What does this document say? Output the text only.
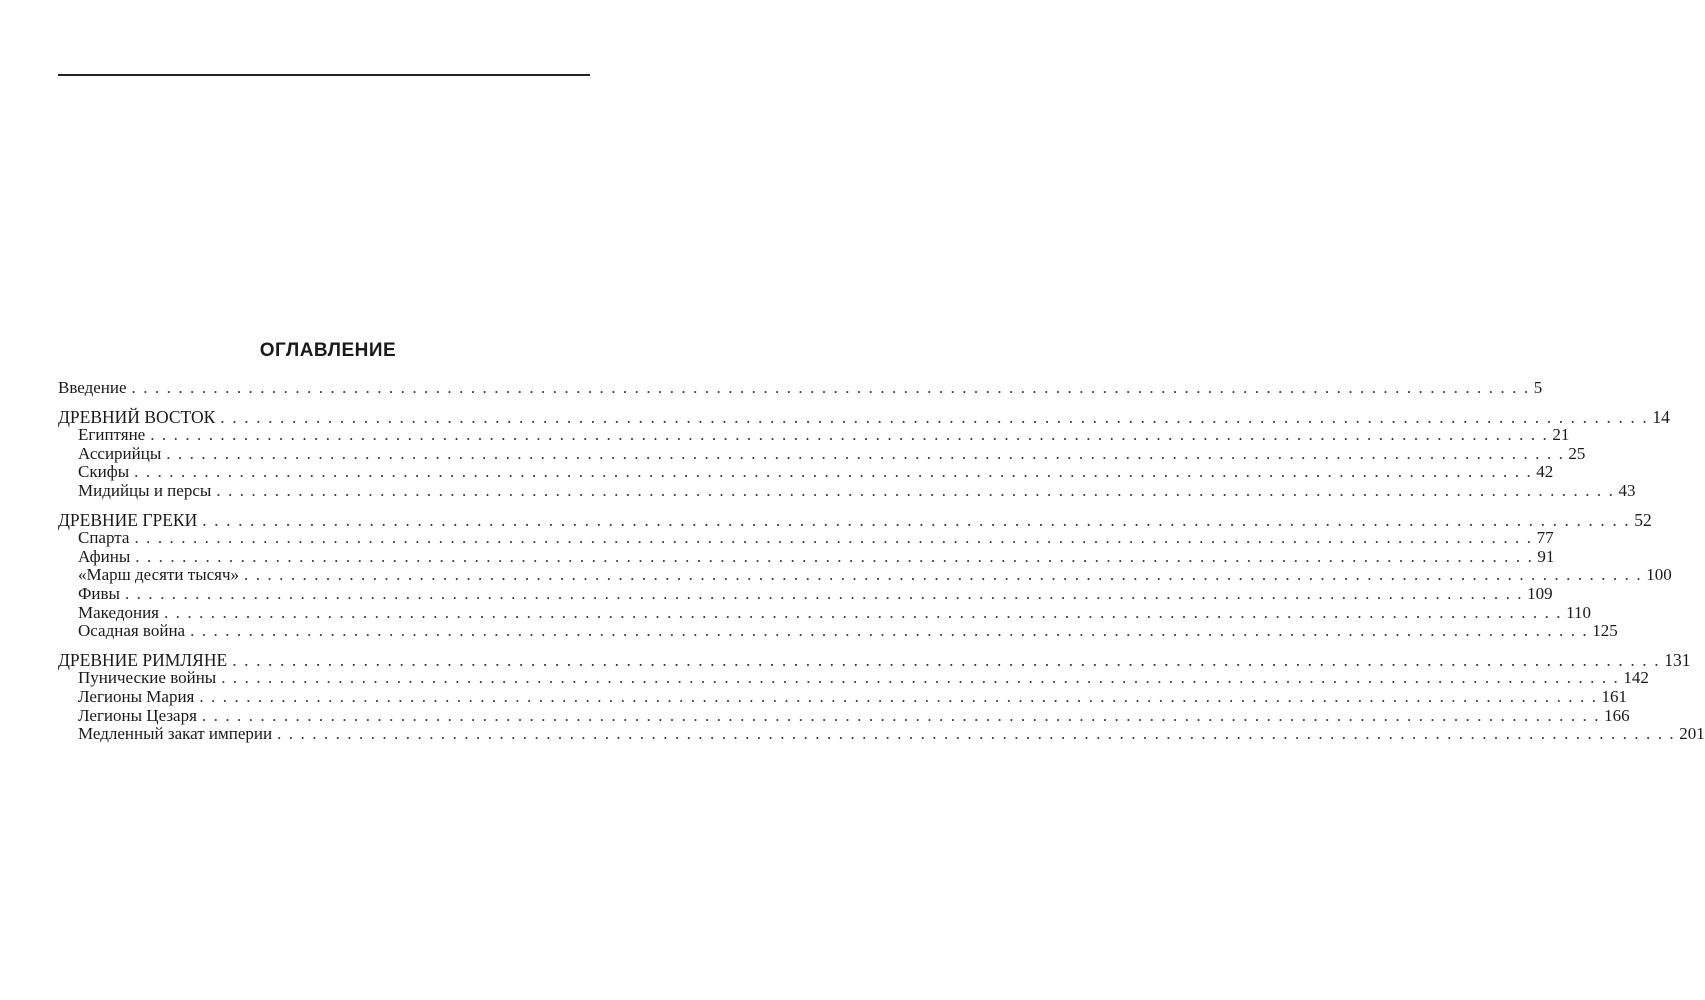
ОГЛАВЛЕНИЕ
Введение . . . . . . . . . . . . . . . . . . . . . . . . . . . . . . . . . . . . . . . . . . . . . . . . . . . . . . . . . . . . . . . . . . . . . . . . . . . . . . . . . . . . . . . . . . . . . . . . . . . . . . . . . . . . . . . . . . . . . . . . 5
ДРЕВНИЙ ВОСТОК . . . . . . . . . . . . . . . . . . . . . . . . . . . . . . . . . . . . . . . . . . . . . . . . . . . . . . . . . . . . . . . . . . . . . . . . . . . . . . . . . . . . . . . . . . . . . . . . . . . . . . . . . . . . . . . . . . . . . . . . 14
Египтяне . . . . . . . . . . . . . . . . . . . . . . . . . . . . . . . . . . . . . . . . . . . . . . . . . . . . . . . . . . . . . . . . . . . . . . . . . . . . . . . . . . . . . . . . . . . . . . . . . . . . . . . . . . . . . . . . . . . . . . . . 21
Ассирийцы . . . . . . . . . . . . . . . . . . . . . . . . . . . . . . . . . . . . . . . . . . . . . . . . . . . . . . . . . . . . . . . . . . . . . . . . . . . . . . . . . . . . . . . . . . . . . . . . . . . . . . . . . . . . . . . . . . . . . . . . 25
Скифы . . . . . . . . . . . . . . . . . . . . . . . . . . . . . . . . . . . . . . . . . . . . . . . . . . . . . . . . . . . . . . . . . . . . . . . . . . . . . . . . . . . . . . . . . . . . . . . . . . . . . . . . . . . . . . . . . . . . . . . . 42
Мидийцы и персы . . . . . . . . . . . . . . . . . . . . . . . . . . . . . . . . . . . . . . . . . . . . . . . . . . . . . . . . . . . . . . . . . . . . . . . . . . . . . . . . . . . . . . . . . . . . . . . . . . . . . . . . . . . . . . . . . . . . . . . . 43
ДРЕВНИЕ ГРЕКИ . . . . . . . . . . . . . . . . . . . . . . . . . . . . . . . . . . . . . . . . . . . . . . . . . . . . . . . . . . . . . . . . . . . . . . . . . . . . . . . . . . . . . . . . . . . . . . . . . . . . . . . . . . . . . . . . . . . . . . . . 52
Спарта . . . . . . . . . . . . . . . . . . . . . . . . . . . . . . . . . . . . . . . . . . . . . . . . . . . . . . . . . . . . . . . . . . . . . . . . . . . . . . . . . . . . . . . . . . . . . . . . . . . . . . . . . . . . . . . . . . . . . . . . 77
Афины . . . . . . . . . . . . . . . . . . . . . . . . . . . . . . . . . . . . . . . . . . . . . . . . . . . . . . . . . . . . . . . . . . . . . . . . . . . . . . . . . . . . . . . . . . . . . . . . . . . . . . . . . . . . . . . . . . . . . . . . 91
«Марш десяти тысяч» . . . . . . . . . . . . . . . . . . . . . . . . . . . . . . . . . . . . . . . . . . . . . . . . . . . . . . . . . . . . . . . . . . . . . . . . . . . . . . . . . . . . . . . . . . . . . . . . . . . . . . . . . . . . . . . . . . . . . . . . 100
Фивы . . . . . . . . . . . . . . . . . . . . . . . . . . . . . . . . . . . . . . . . . . . . . . . . . . . . . . . . . . . . . . . . . . . . . . . . . . . . . . . . . . . . . . . . . . . . . . . . . . . . . . . . . . . . . . . . . . . . . . . . 109
Македония . . . . . . . . . . . . . . . . . . . . . . . . . . . . . . . . . . . . . . . . . . . . . . . . . . . . . . . . . . . . . . . . . . . . . . . . . . . . . . . . . . . . . . . . . . . . . . . . . . . . . . . . . . . . . . . . . . . . . . . . 110
Осадная война . . . . . . . . . . . . . . . . . . . . . . . . . . . . . . . . . . . . . . . . . . . . . . . . . . . . . . . . . . . . . . . . . . . . . . . . . . . . . . . . . . . . . . . . . . . . . . . . . . . . . . . . . . . . . . . . . . . . . . . . 125
ДРЕВНИЕ РИМЛЯНЕ . . . . . . . . . . . . . . . . . . . . . . . . . . . . . . . . . . . . . . . . . . . . . . . . . . . . . . . . . . . . . . . . . . . . . . . . . . . . . . . . . . . . . . . . . . . . . . . . . . . . . . . . . . . . . . . . . . . . . . . . 131
Пунические войны . . . . . . . . . . . . . . . . . . . . . . . . . . . . . . . . . . . . . . . . . . . . . . . . . . . . . . . . . . . . . . . . . . . . . . . . . . . . . . . . . . . . . . . . . . . . . . . . . . . . . . . . . . . . . . . . . . . . . . . . 142
Легионы Мария . . . . . . . . . . . . . . . . . . . . . . . . . . . . . . . . . . . . . . . . . . . . . . . . . . . . . . . . . . . . . . . . . . . . . . . . . . . . . . . . . . . . . . . . . . . . . . . . . . . . . . . . . . . . . . . . . . . . . . . . 161
Легионы Цезаря . . . . . . . . . . . . . . . . . . . . . . . . . . . . . . . . . . . . . . . . . . . . . . . . . . . . . . . . . . . . . . . . . . . . . . . . . . . . . . . . . . . . . . . . . . . . . . . . . . . . . . . . . . . . . . . . . . . . . . . . 166
Медленный закат империи . . . . . . . . . . . . . . . . . . . . . . . . . . . . . . . . . . . . . . . . . . . . . . . . . . . . . . . . . . . . . . . . . . . . . . . . . . . . . . . . . . . . . . . . . . . . . . . . . . . . . . . . . . . . . . . . . . . . . . . . 201
